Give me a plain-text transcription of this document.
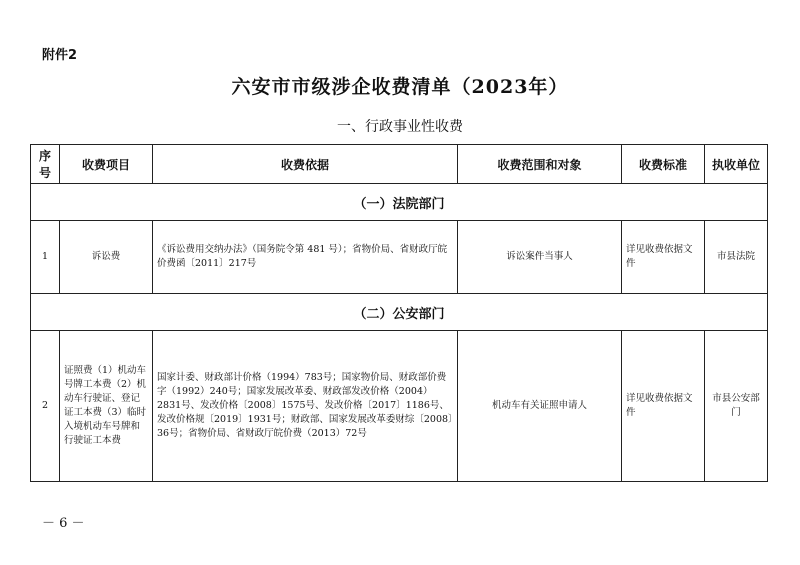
附件2
六安市市级涉企收费清单（2023年）
一、行政事业性收费
序号	收费项目	收费依据	收费范围和对象	收费标准	执收单位
（一）法院部门					
1	诉讼费	《诉讼费用交纳办法》（国务院令第 481 号）；省物价局、省财政厅皖价费函〔2011〕217号	诉讼案件当事人	详见收费依据文件	市县法院
（二）公安部门					
2	证照费（1）机动车号牌工本费（2）机动车行驶证、登记证工本费（3）临时入境机动车号牌和行驶证工本费	国家计委、财政部计价格（1994）783号；国家物价局、财政部价费字（1992）240号；国家发展改革委、财政部发改价格（2004）2831号、发改价格〔2008〕1575号、发改价格〔2017〕1186号、发改价格规〔2019〕1931号；财政部、国家发展改革委财综〔2008〕36号；省物价局、省财政厅皖价费（2013）72号	机动车有关证照申请人	详见收费依据文件	市县公安部门
－ 6 －
